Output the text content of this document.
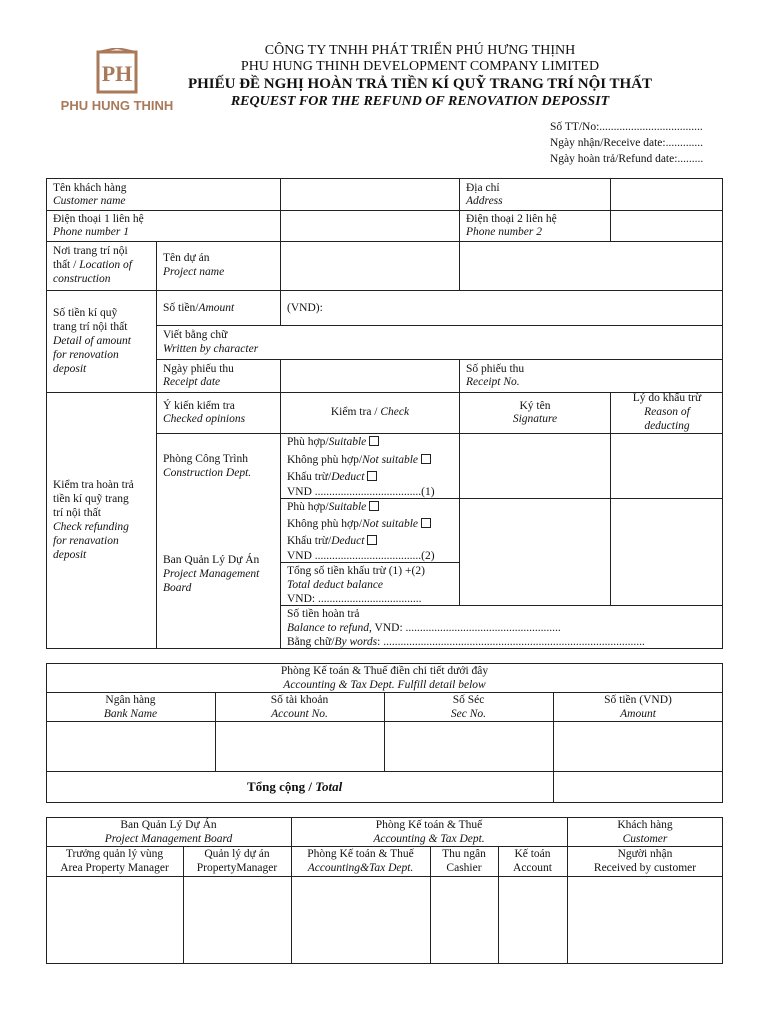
PH
PHU HUNG THINH
CÔNG TY TNHH PHÁT TRIỂN PHÚ HƯNG THỊNH
PHU HUNG THINH DEVELOPMENT COMPANY LIMITED
PHIẾU ĐỀ NGHỊ HOÀN TRẢ TIỀN KÍ QUỸ TRANG TRÍ NỘI THẤT
REQUEST FOR THE REFUND OF RENOVATION DEPOSSIT
Số TT/No:....................................
Ngày nhận/Receive date:.............
Ngày hoàn trả/Refund date:.........
Tên khách hàng
Customer name
Địa chỉ
Address
Điện thoại 1 liên hệ
Phone number 1
Điện thoại 2 liên hệ
Phone number 2
Nơi trang trí nội
thất / Location of
construction
Tên dự án
Project name
Số tiền kí quỹ
trang trí nội thất
Detail of amount
for renovation
deposit
Số tiền/Amount	(VND):
Viết bằng chữ
Written by character
Ngày phiếu thu
Receipt date
Số phiếu thu
Receipt No.
Ý kiến kiểm tra
Checked opinions
Kiểm tra / Check	Ký tên
Signature
Lý do khấu trừ
Reason of
deducting
Kiểm tra hoàn trả
tiền kí quỹ trang
trí nội thất
Check refunding
for renavation
deposit
Phòng Công Trình
Construction Dept.
Phù hợp/Suitable
Không phù hợp/Not suitable
Khấu trừ/Deduct
VND .....................................(1)
Ban Quản Lý Dự Án
Project Management
Board
Phù hợp/Suitable
Không phù hợp/Not suitable
Khấu trừ/Deduct
VND .....................................(2)
Tổng số tiền khấu trừ (1) +(2)
Total deduct balance
VND: ....................................
Số tiền hoàn trả
Balance to refund, VND: ......................................................
Bằng chữ/By words: ...........................................................................................
Phòng Kế toán & Thuế điền chi tiết dưới đây
Accounting & Tax Dept. Fulfill detail below
Ngân hàng
Bank Name
Số tài khoản
Account No.
Số Séc
Sec No.
Số tiền (VND)
Amount
Tổng cộng / Total
Ban Quản Lý Dự Án
Project Management Board
Phòng Kế toán & Thuế
Accounting & Tax Dept.
Khách hàng
Customer
Trưởng quản lý vùng
Area Property Manager
Quản lý dự án
PropertyManager
Phòng Kế toán & Thuế
Accounting&Tax Dept.
Thu ngân
Cashier
Kế toán
Account
Người nhận
Received by customer
